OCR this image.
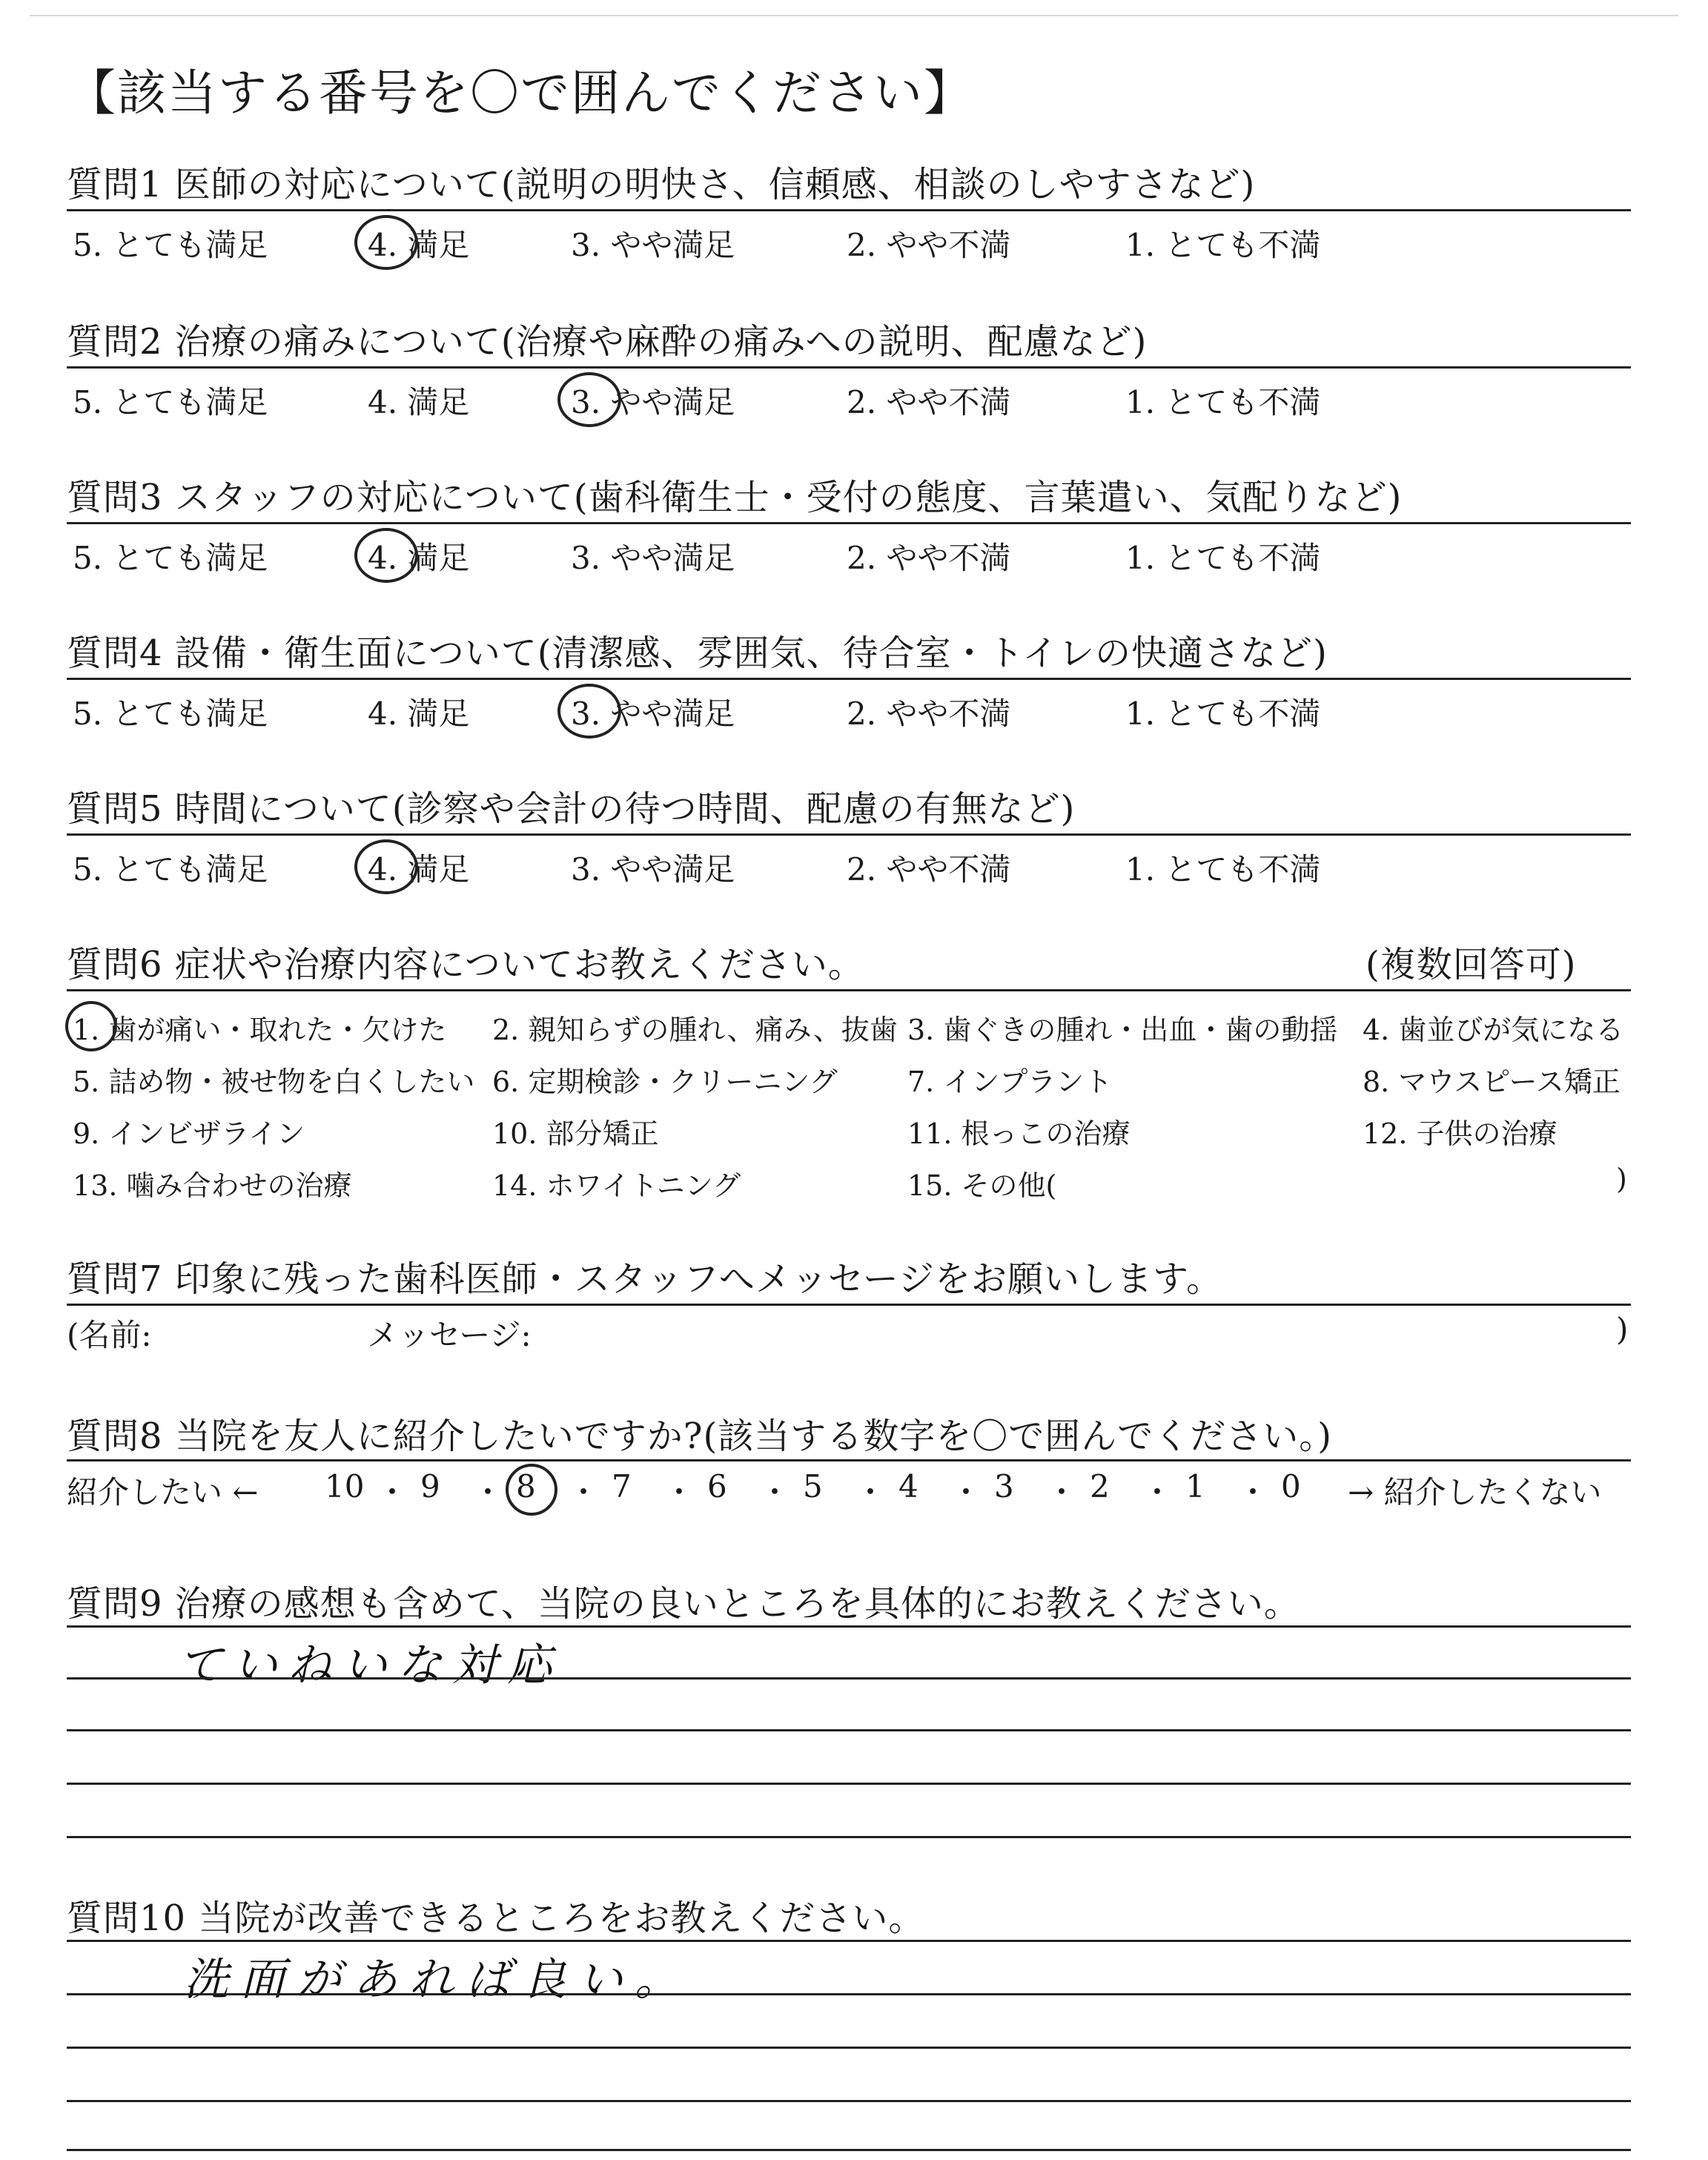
【該当する番号を〇で囲んでください】
質問1 医師の対応について(説明の明快さ、信頼感、相談のしやすさなど)
5. とても満足	4. 満足	3. やや満足	2. やや不満	1. とても不満
質問2 治療の痛みについて(治療や麻酔の痛みへの説明、配慮など)
5. とても満足	4. 満足	3. やや満足	2. やや不満	1. とても不満
質問3 スタッフの対応について(歯科衛生士・受付の態度、言葉遣い、気配りなど)
5. とても満足	4. 満足	3. やや満足	2. やや不満	1. とても不満
質問4 設備・衛生面について(清潔感、雰囲気、待合室・トイレの快適さなど)
5. とても満足	4. 満足	3. やや満足	2. やや不満	1. とても不満
質問5 時間について(診察や会計の待つ時間、配慮の有無など)
5. とても満足	4. 満足	3. やや満足	2. やや不満	1. とても不満
質問6 症状や治療内容についてお教えください。	(複数回答可)
1. 歯が痛い・取れた・欠けた 2. 親知らずの腫れ、痛み、抜歯 3. 歯ぐきの腫れ・出血・歯の動揺 4. 歯並びが気になる
5. 詰め物・被せ物を白くしたい 6. 定期検診・クリーニング 7. インプラント	8. マウスピース矯正
9. インビザライン	10. 部分矯正	11. 根っこの治療	12. 子供の治療
13. 噛み合わせの治療	14. ホワイトニング	15. その他(	)
質問7 印象に残った歯科医師・スタッフへメッセージをお願いします。
(名前:	メッセージ:	)
質問8 当院を友人に紹介したいですか?(該当する数字を〇で囲んでください。)
紹介したい ←	→ 紹介したくない
10 ・ 9 ・ 8 ・ 7 ・ 6 ・ 5 ・ 4 ・ 3 ・ 2 ・ 1 ・ 0
質問9 治療の感想も含めて、当院の良いところを具体的にお教えください。
ていねいな対応
質問10 当院が改善できるところをお教えください。
洗面があれば良い。
